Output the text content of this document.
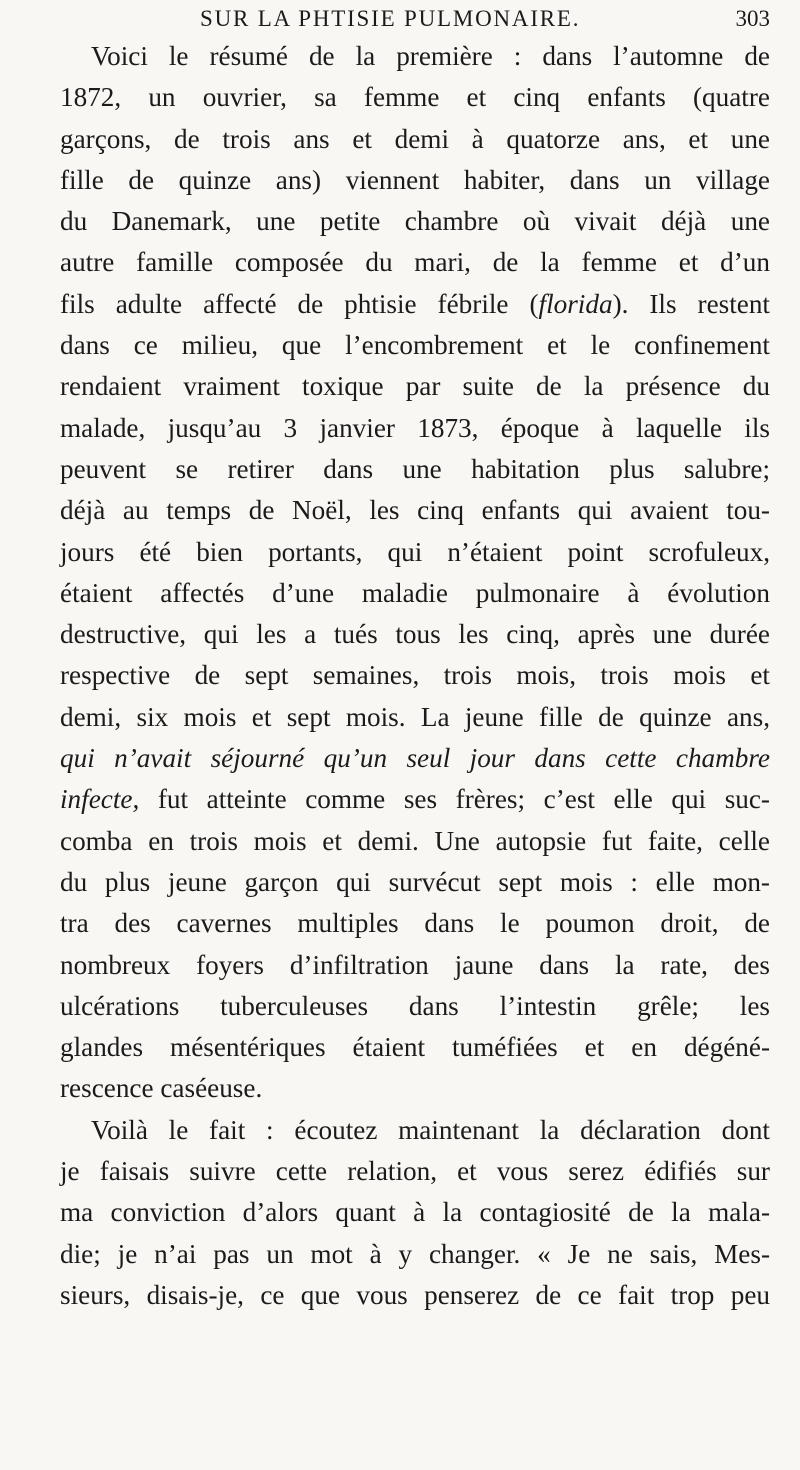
SUR LA PHTISIE PULMONAIRE.	303
Voici le résumé de la première : dans l’automne de
1872, un ouvrier, sa femme et cinq enfants (quatre
garçons, de trois ans et demi à quatorze ans, et une
fille de quinze ans) viennent habiter, dans un village
du Danemark, une petite chambre où vivait déjà une
autre famille composée du mari, de la femme et d’un
fils adulte affecté de phtisie fébrile (florida). Ils restent
dans ce milieu, que l’encombrement et le confinement
rendaient vraiment toxique par suite de la présence du
malade, jusqu’au 3 janvier 1873, époque à laquelle ils
peuvent se retirer dans une habitation plus salubre;
déjà au temps de Noël, les cinq enfants qui avaient tou-
jours été bien portants, qui n’étaient point scrofuleux,
étaient affectés d’une maladie pulmonaire à évolution
destructive, qui les a tués tous les cinq, après une durée
respective de sept semaines, trois mois, trois mois et
demi, six mois et sept mois. La jeune fille de quinze ans,
qui n’avait séjourné qu’un seul jour dans cette chambre
infecte, fut atteinte comme ses frères; c’est elle qui suc-
comba en trois mois et demi. Une autopsie fut faite, celle
du plus jeune garçon qui survécut sept mois : elle mon-
tra des cavernes multiples dans le poumon droit, de
nombreux foyers d’infiltration jaune dans la rate, des
ulcérations tuberculeuses dans l’intestin grêle; les
glandes mésentériques étaient tuméfiées et en dégéné-
rescence caséeuse.
Voilà le fait : écoutez maintenant la déclaration dont
je faisais suivre cette relation, et vous serez édifiés sur
ma conviction d’alors quant à la contagiosité de la mala-
die; je n’ai pas un mot à y changer. « Je ne sais, Mes-
sieurs, disais-je, ce que vous penserez de ce fait trop peu
